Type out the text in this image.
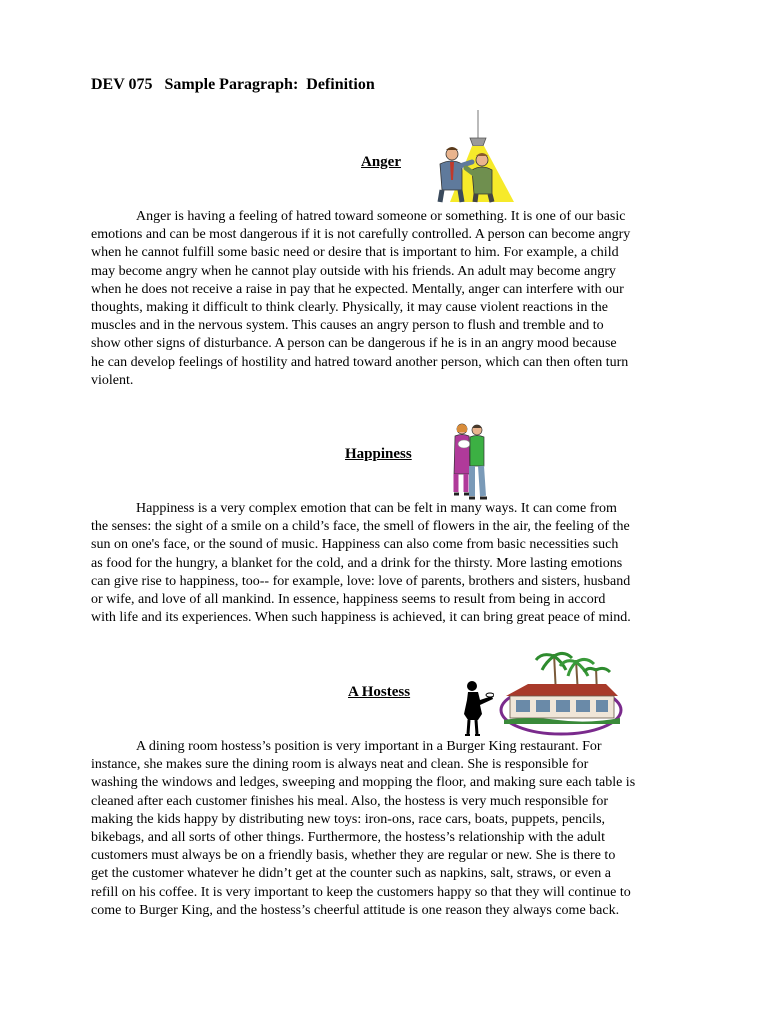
DEV 075   Sample Paragraph:  Definition
Anger
Anger is having a feeling of hatred toward someone or something. It is one of our basic
emotions and can be most dangerous if it is not carefully controlled. A person can become angry
when he cannot fulfill some basic need or desire that is important to him. For example, a child
may become angry when he cannot play outside with his friends. An adult may become angry
when he does not receive a raise in pay that he expected. Mentally, anger can interfere with our
thoughts, making it difficult to think clearly. Physically, it may cause violent reactions in the
muscles and in the nervous system. This causes an angry person to flush and tremble and to
show other signs of disturbance. A person can be dangerous if he is in an angry mood because
he can develop feelings of hostility and hatred toward another person, which can then often turn
violent.
Happiness
Happiness is a very complex emotion that can be felt in many ways. It can come from
the senses: the sight of a smile on a child’s face, the smell of flowers in the air, the feeling of the
sun on one's face, or the sound of music. Happiness can also come from basic necessities such
as food for the hungry, a blanket for the cold, and a drink for the thirsty. More lasting emotions
can give rise to happiness, too-- for example, love: love of parents, brothers and sisters, husband
or wife, and love of all mankind. In essence, happiness seems to result from being in accord
with life and its experiences. When such happiness is achieved, it can bring great peace of mind.
A Hostess
A dining room hostess’s position is very important in a Burger King restaurant. For
instance, she makes sure the dining room is always neat and clean. She is responsible for
washing the windows and ledges, sweeping and mopping the floor, and making sure each table is
cleaned after each customer finishes his meal. Also, the hostess is very much responsible for
making the kids happy by distributing new toys: iron-ons, race cars, boats, puppets, pencils,
bikebags, and all sorts of other things. Furthermore, the hostess’s relationship with the adult
customers must always be on a friendly basis, whether they are regular or new. She is there to
get the customer whatever he didn’t get at the counter such as napkins, salt, straws, or even a
refill on his coffee. It is very important to keep the customers happy so that they will continue to
come to Burger King, and the hostess’s cheerful attitude is one reason they always come back.
